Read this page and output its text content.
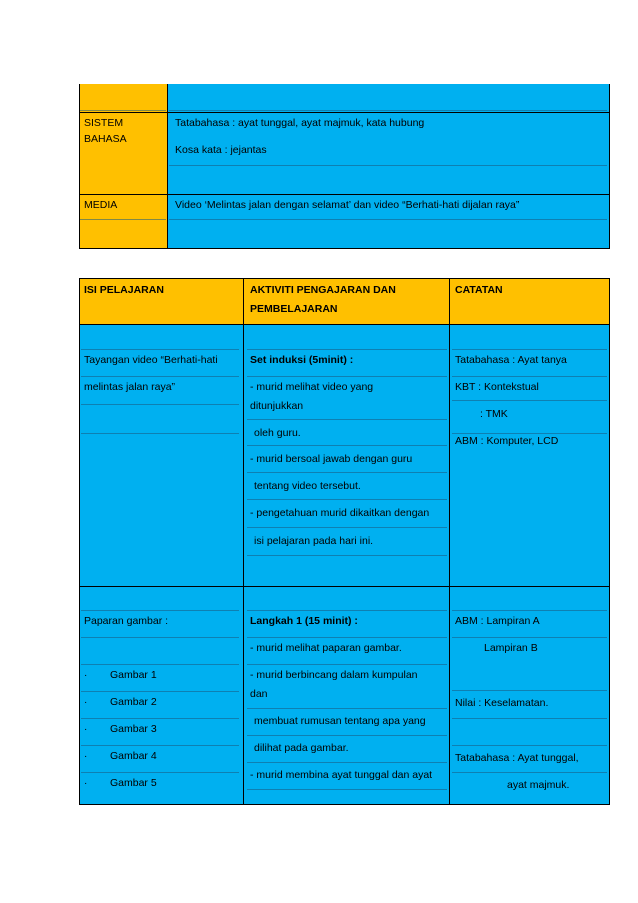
SISTEM
BAHASA
Tatabahasa : ayat tunggal, ayat majmuk, kata hubung
Kosa kata : jejantas
MEDIA	Video ‘Melintas jalan dengan selamat’ dan video “Berhati-hati dijalan raya”
ISI PELAJARAN	AKTIVITI PENGAJARAN DAN
PEMBELAJARAN
CATATAN
Tayangan video “Berhati-hati
melintas jalan raya”
Set induksi (5minit) :
- murid melihat video yang
ditunjukkan
oleh guru.
- murid bersoal jawab dengan guru
tentang video tersebut.
- pengetahuan murid dikaitkan dengan
isi pelajaran pada hari ini.
Tatabahasa : Ayat tanya
KBT : Kontekstual
: TMK
ABM : Komputer, LCD
Paparan gambar :
· Gambar 1
· Gambar 2
· Gambar 3
· Gambar 4
· Gambar 5
Langkah 1 (15 minit) :
- murid melihat paparan gambar.
- murid berbincang dalam kumpulan
dan
membuat rumusan tentang apa yang
dilihat pada gambar.
- murid membina ayat tunggal dan ayat
ABM : Lampiran A
Lampiran B
Nilai : Keselamatan.
Tatabahasa : Ayat tunggal,
ayat majmuk.
